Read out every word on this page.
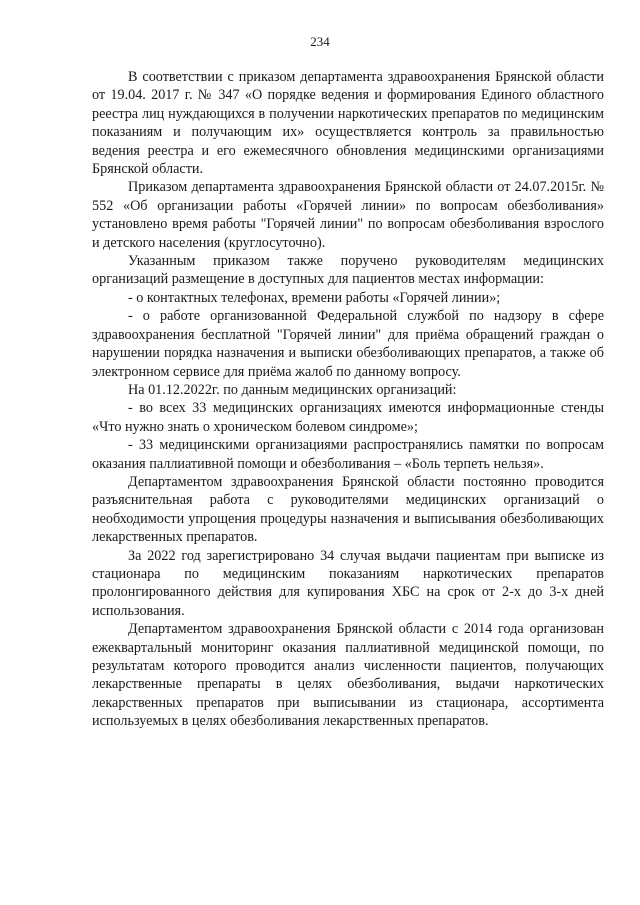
234

В соответствии с приказом департамента здравоохранения Брянской области от 19.04. 2017 г. № 347 «О порядке ведения и формирования Единого областного реестра лиц нуждающихся в получении наркотических препаратов по медицинским показаниям и получающим их» осуществляется контроль за правильностью ведения реестра и его ежемесячного обновления медицинскими организациями Брянской области.

Приказом департамента здравоохранения Брянской области от 24.07.2015г. № 552 «Об организации работы «Горячей линии» по вопросам обезболивания» установлено время работы "Горячей линии" по вопросам обезболивания взрослого и детского населения (круглосуточно).

Указанным приказом также поручено руководителям медицинских организаций размещение в доступных для пациентов местах информации:

- о контактных телефонах, времени работы «Горячей линии»;

- о работе организованной Федеральной службой по надзору в сфере здравоохранения бесплатной "Горячей линии" для приёма обращений граждан о нарушении порядка назначения и выписки обезболивающих препаратов, а также об электронном сервисе для приёма жалоб по данному вопросу.

На 01.12.2022г. по данным медицинских организаций:

- во всех 33 медицинских организациях имеются информационные стенды «Что нужно знать о хроническом болевом синдроме»;

- 33 медицинскими организациями распространялись памятки по вопросам оказания паллиативной помощи и обезболивания – «Боль терпеть нельзя».

Департаментом здравоохранения Брянской области постоянно проводится разъяснительная работа с руководителями медицинских организаций о необходимости упрощения процедуры назначения и выписывания обезболивающих лекарственных препаратов.

За 2022 год зарегистрировано 34 случая выдачи пациентам при выписке из стационара по медицинским показаниям наркотических препаратов пролонгированного действия для купирования ХБС на срок от 2-х до 3-х дней использования.

Департаментом здравоохранения Брянской области с 2014 года организован ежеквартальный мониторинг оказания паллиативной медицинской помощи, по результатам которого проводится анализ численности пациентов, получающих лекарственные препараты в целях обезболивания, выдачи наркотических лекарственных препаратов при выписывании из стационара, ассортимента используемых в целях обезболивания лекарственных препаратов.
